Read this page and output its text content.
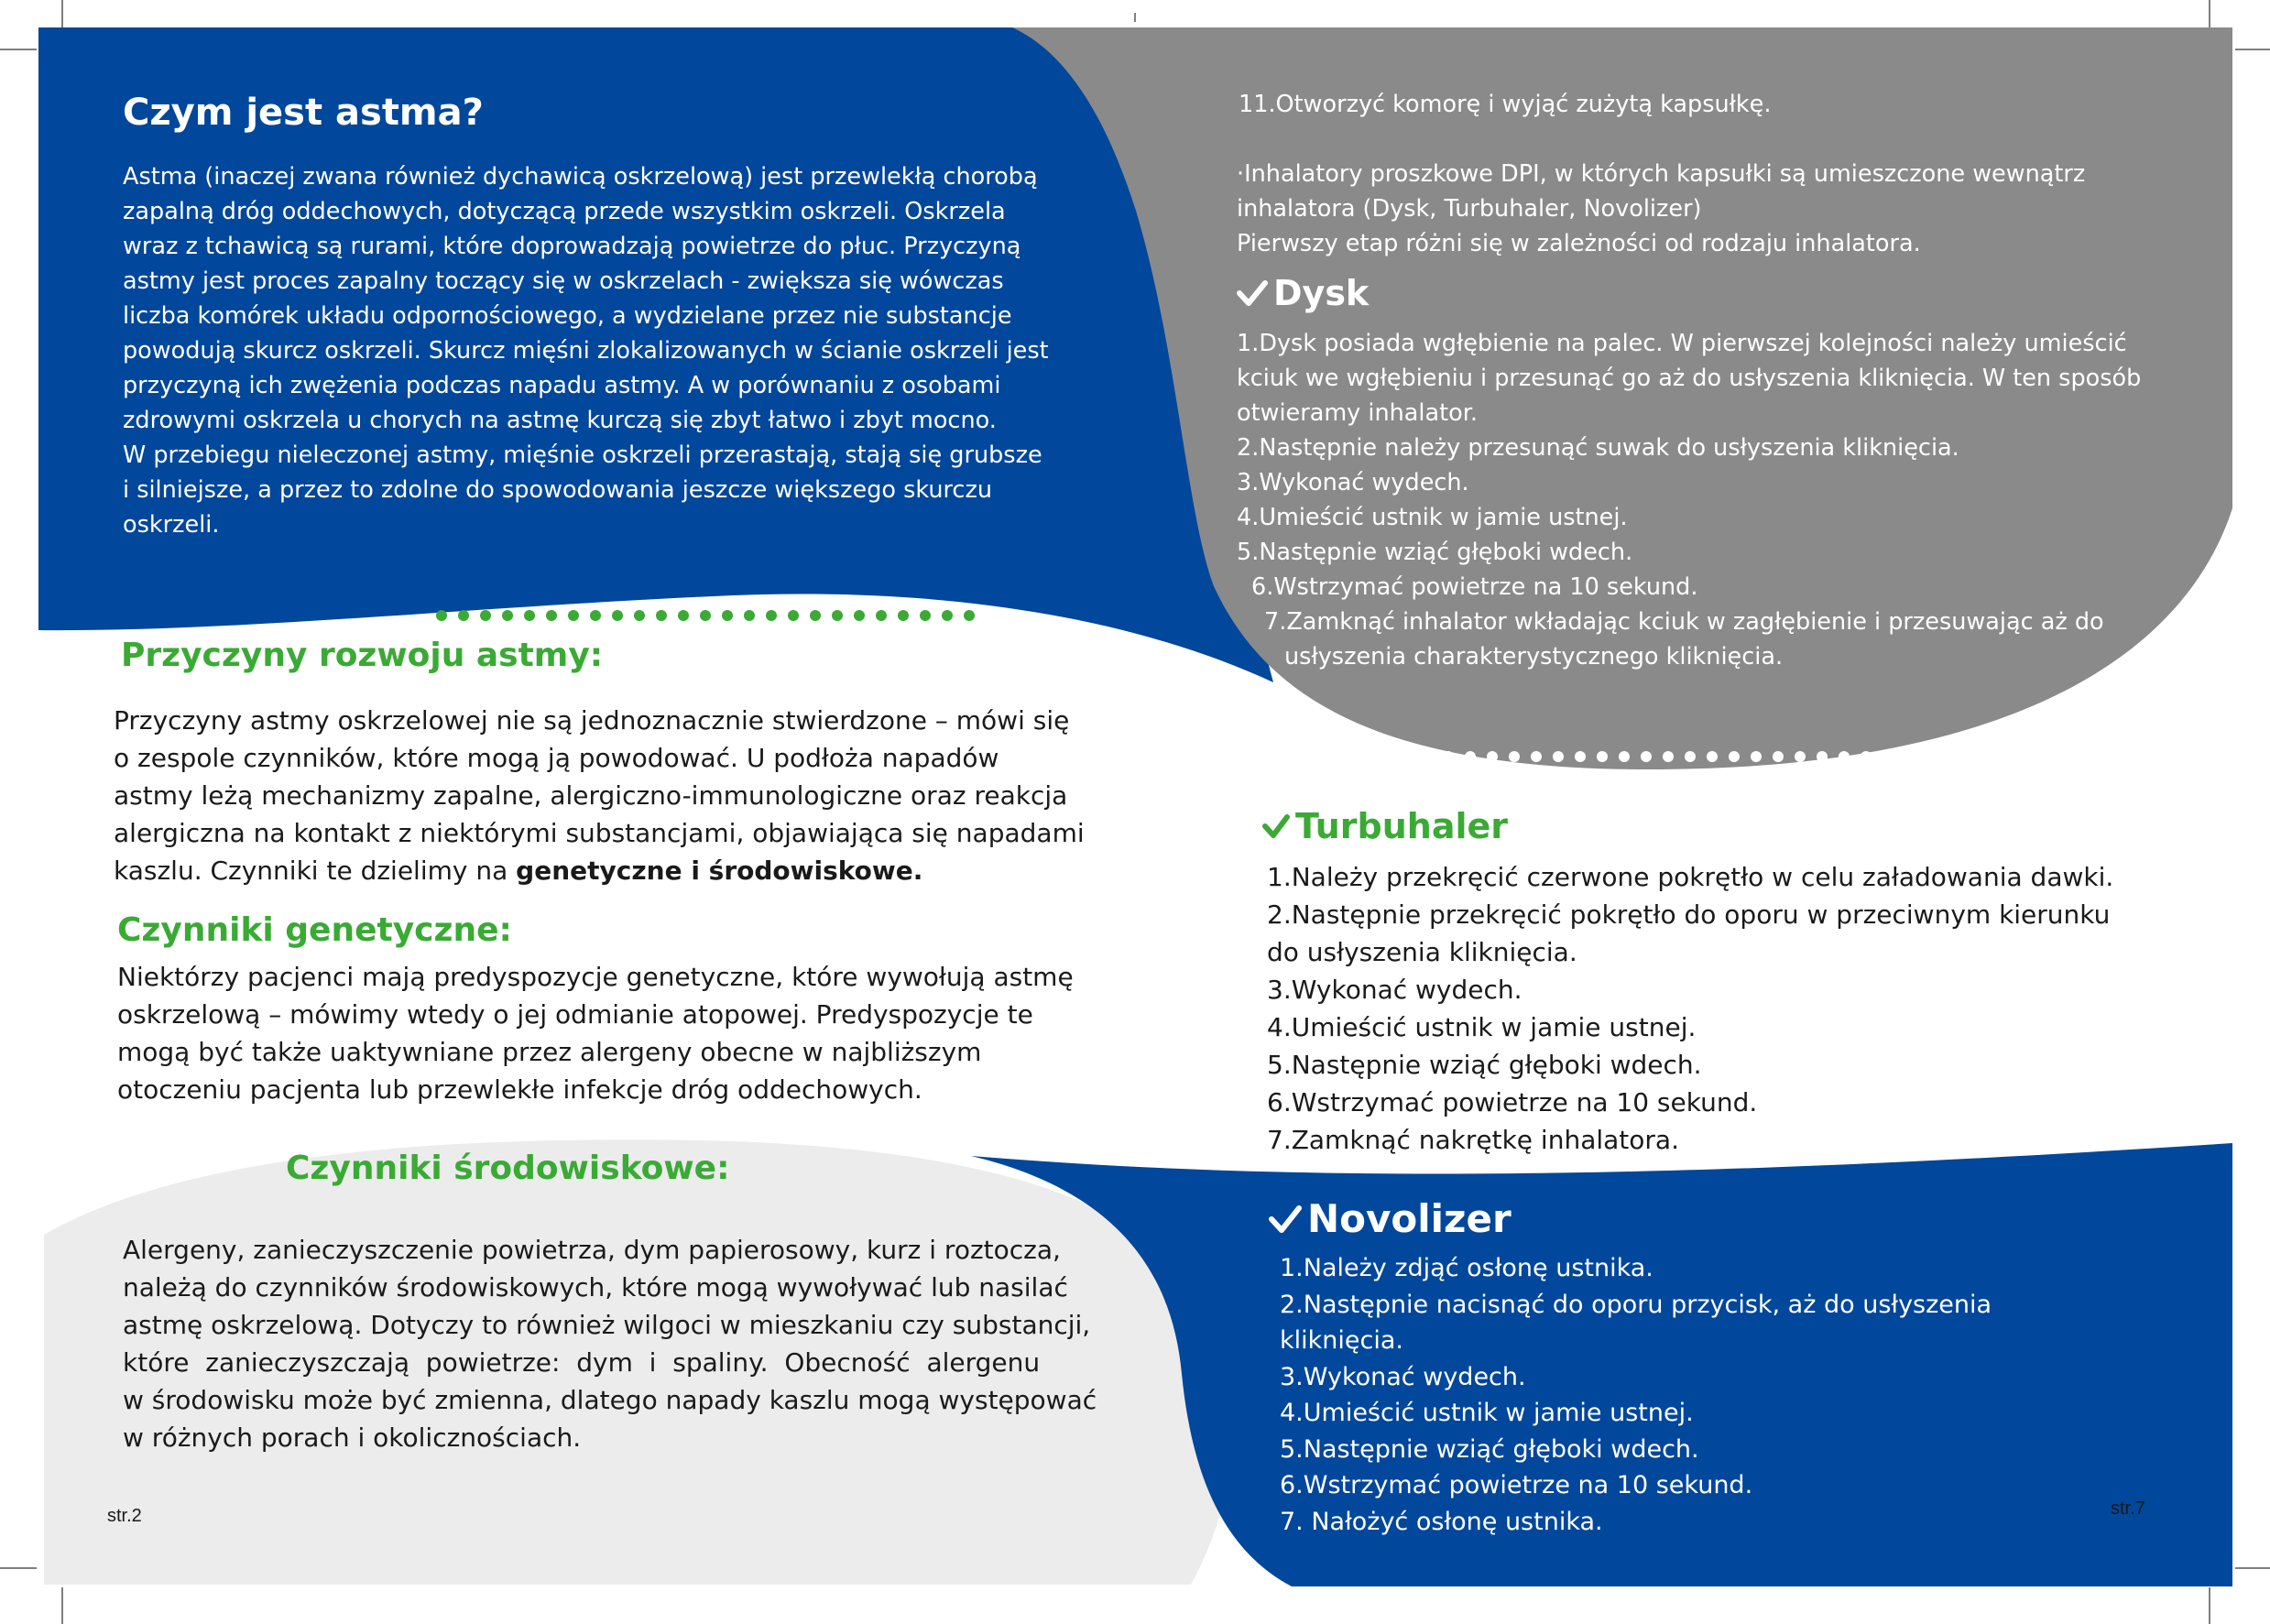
Czym jest astma?

Astma (inaczej zwana również dychawicą oskrzelową) jest przewlekłą chorobą

zapalną dróg oddechowych, dotyczącą przede wszystkim oskrzeli. Oskrzela

wraz z tchawicą są rurami, które doprowadzają powietrze do płuc. Przyczyną

astmy jest proces zapalny toczący się w oskrzelach - zwiększa się wówczas

liczba komórek układu odpornościowego, a wydzielane przez nie substancje

powodują skurcz oskrzeli. Skurcz mięśni zlokalizowanych w ścianie oskrzeli jest

przyczyną ich zwężenia podczas napadu astmy. A w porównaniu z osobami

zdrowymi oskrzela u chorych na astmę kurczą się zbyt łatwo i zbyt mocno.

W przebiegu nieleczonej astmy, mięśnie oskrzeli przerastają, stają się grubsze

i silniejsze, a przez to zdolne do spowodowania jeszcze większego skurczu

oskrzeli.

Przyczyny rozwoju astmy:

Przyczyny astmy oskrzelowej nie są jednoznacznie stwierdzone – mówi się

o zespole czynników, które mogą ją powodować. U podłoża napadów

astmy leżą mechanizmy zapalne, alergiczno-immunologiczne oraz reakcja

alergiczna na kontakt z niektórymi substancjami, objawiająca się napadami

kaszlu. Czynniki te dzielimy na genetyczne i środowiskowe.

Czynniki genetyczne:

Niektórzy pacjenci mają predyspozycje genetyczne, które wywołują astmę

oskrzelową – mówimy wtedy o jej odmianie atopowej. Predyspozycje te

mogą być także uaktywniane przez alergeny obecne w najbliższym

otoczeniu pacjenta lub przewlekłe infekcje dróg oddechowych.

Czynniki środowiskowe:

Alergeny, zanieczyszczenie powietrza, dym papierosowy, kurz i roztocza,

należą do czynników środowiskowych, które mogą wywoływać lub nasilać

astmę oskrzelową. Dotyczy to również wilgoci w mieszkaniu czy substancji,

które  zanieczyszczają  powietrze:  dym  i  spaliny.  Obecność  alergenu

w środowisku może być zmienna, dlatego napady kaszlu mogą występować

w różnych porach i okolicznościach.

str.2

11.Otworzyć komorę i wyjąć zużytą kapsułkę.

·Inhalatory proszkowe DPI, w których kapsułki są umieszczone wewnątrz

inhalatora (Dysk, Turbuhaler, Novolizer)

Pierwszy etap różni się w zależności od rodzaju inhalatora.

Dysk

1.Dysk posiada wgłębienie na palec. W pierwszej kolejności należy umieścić

kciuk we wgłębieniu i przesunąć go aż do usłyszenia kliknięcia. W ten sposób

otwieramy inhalator.

2.Następnie należy przesunąć suwak do usłyszenia kliknięcia.

3.Wykonać wydech.

4.Umieścić ustnik w jamie ustnej.

5.Następnie wziąć głęboki wdech.

6.Wstrzymać powietrze na 10 sekund.

7.Zamknąć inhalator wkładając kciuk w zagłębienie i przesuwając aż do

usłyszenia charakterystycznego kliknięcia.

Turbuhaler

1.Należy przekręcić czerwone pokrętło w celu załadowania dawki.

2.Następnie przekręcić pokrętło do oporu w przeciwnym kierunku

do usłyszenia kliknięcia.

3.Wykonać wydech.

4.Umieścić ustnik w jamie ustnej.

5.Następnie wziąć głęboki wdech.

6.Wstrzymać powietrze na 10 sekund.

7.Zamknąć nakrętkę inhalatora.

Novolizer

1.Należy zdjąć osłonę ustnika.

2.Następnie nacisnąć do oporu przycisk, aż do usłyszenia

kliknięcia.

3.Wykonać wydech.

4.Umieścić ustnik w jamie ustnej.

5.Następnie wziąć głęboki wdech.

6.Wstrzymać powietrze na 10 sekund.

7. Nałożyć osłonę ustnika.	str.7
